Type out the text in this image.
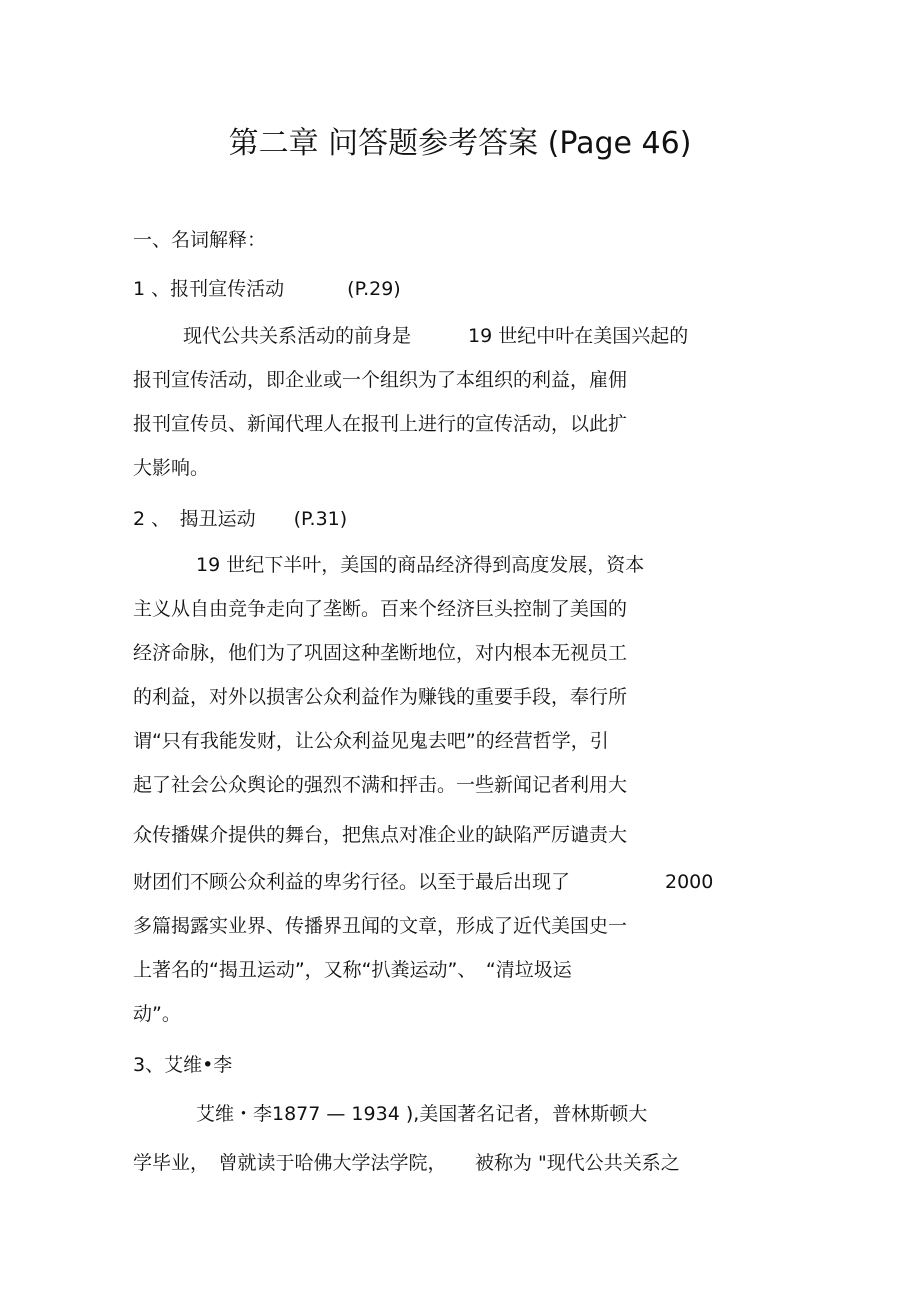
第二章 问答题参考答案 (Page 46)
一、名词解释：
1 、报刊宣传活动　　　 (P.29)
现代公共关系活动的前身是　　　19 世纪中叶在美国兴起的
报刊宣传活动，即企业或一个组织为了本组织的利益，雇佣
报刊宣传员、新闻代理人在报刊上进行的宣传活动，以此扩
大影响。
2 、　揭丑运动　　(P.31)
19 世纪下半叶，美国的商品经济得到高度发展，资本
主义从自由竞争走向了垄断。百来个经济巨头控制了美国的
经济命脉，他们为了巩固这种垄断地位，对内根本无视员工
的利益，对外以损害公众利益作为赚钱的重要手段，奉行所
谓“只有我能发财，让公众利益见鬼去吧”的经营哲学，引
起了社会公众舆论的强烈不满和抨击。一些新闻记者利用大
众传播媒介提供的舞台，把焦点对准企业的缺陷严厉谴责大
财团们不顾公众利益的卑劣行径。以至于最后出现了　　　　　2000
多篇揭露实业界、传播界丑闻的文章，形成了近代美国史一
上著名的“揭丑运动”，又称“扒粪运动”、　“清垃圾运
动”。
3、艾维•李
艾维・李1877 — 1934 ),美国著名记者，普林斯顿大
学毕业，　曾就读于哈佛大学法学院，　　被称为 "现代公共关系之
